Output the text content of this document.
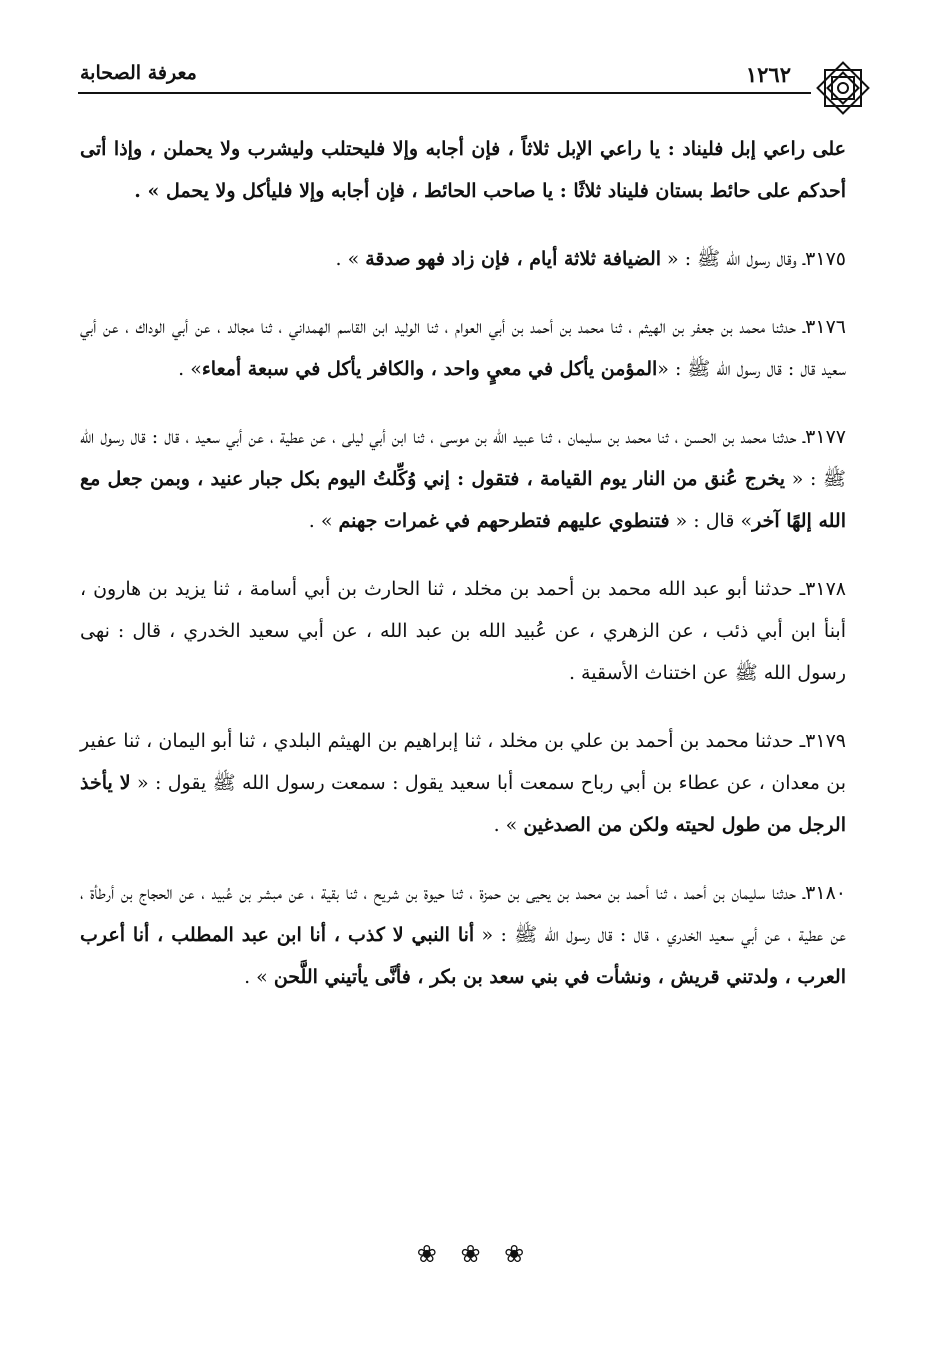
معرفة الصحابة	١٢٦٢

على راعي إبل فليناد : يا راعي الإبل ثلاثاً ، فإن أجابه وإلا فليحتلب وليشرب ولا يحملن ، وإذا أتى أحدكم على حائط بستان فليناد ثلاثًا : يا صاحب الحائط ، فإن أجابه وإلا فليأكل ولا يحمل » .

٣١٧٥ـ وقال رسول الله ﷺ : « الضيافة ثلاثة أيام ، فإن زاد فهو صدقة » .

٣١٧٦ـ حدثنا محمد بن جعفر بن الهيثم ، ثنا محمد بن أحمد بن أبي العوام ، ثنا الوليد ابن القاسم الهمداني ، ثنا مجالد ، عن أبي الوداك ، عن أبي سعيد قال : قال رسول الله ﷺ : «المؤمن يأكل في معيٍ واحد ، والكافر يأكل في سبعة أمعاء» .

٣١٧٧ـ حدثنا محمد بن الحسن ، ثنا محمد بن سليمان ، ثنا عبيد الله بن موسى ، ثنا ابن أبي ليلى ، عن عطية ، عن أبي سعيد ، قال : قال رسول الله ﷺ : « يخرج عُنق من النار يوم القيامة ، فتقول : إني وُكِّلتُ اليوم بكل جبار عنيد ، وبمن جعل مع الله إلهًا آخر» قال : « فتنطوي عليهم فتطرحهم في غمرات جهنم » .

٣١٧٨ـ حدثنا أبو عبد الله محمد بن أحمد بن مخلد ، ثنا الحارث بن أبي أسامة ، ثنا يزيد بن هارون ، أبنأ ابن أبي ذئب ، عن الزهري ، عن عُبيد الله بن عبد الله ، عن أبي سعيد الخدري ، قال : نهى رسول الله ﷺ عن اختناث الأسقية .

٣١٧٩ـ حدثنا محمد بن أحمد بن علي بن مخلد ، ثنا إبراهيم بن الهيثم البلدي ، ثنا أبو اليمان ، ثنا عفير بن معدان ، عن عطاء بن أبي رباح سمعت أبا سعيد يقول : سمعت رسول الله ﷺ يقول : « لا يأخذ الرجل من طول لحيته ولكن من الصدغين » .

٣١٨٠ـ حدثنا سليمان بن أحمد ، ثنا أحمد بن محمد بن يحيى بن حمزة ، ثنا حيوة بن شريح ، ثنا بقية ، عن مبشر بن عُبيد ، عن الحجاج بن أرطأة ، عن عطية ، عن أبي سعيد الخدري ، قال : قال رسول الله ﷺ : « أنا النبي لا كذب ، أنا ابن عبد المطلب ، أنا أعرب العرب ، ولدتني قريش ، ونشأت في بني سعد بن بكر ، فأنَّى يأتيني اللَّحن » .

❀ ❀ ❀
